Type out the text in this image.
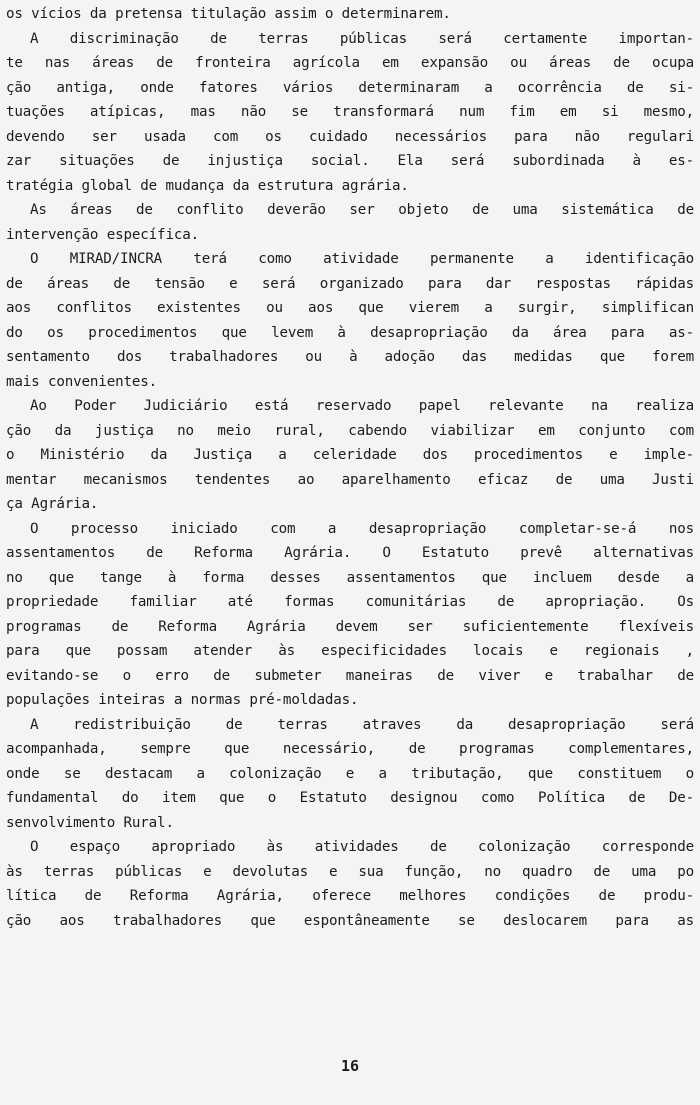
os vícios da pretensa titulação assim o determinarem.
A discriminação de terras públicas será certamente importan-
te nas áreas de fronteira agrícola em expansão ou áreas de ocupa
ção antiga, onde fatores vários determinaram a ocorrência de si-
tuações atípicas, mas não se transformará num fim em si mesmo,
devendo ser usada com os cuidado necessários para não regulari
zar situações de injustiça social. Ela será subordinada à es-
tratégia global de mudança da estrutura agrária.
As áreas de conflito deverão ser objeto de uma sistemática de
intervenção específica.
O MIRAD/INCRA terá como atividade permanente a identificação
de áreas de tensão e será organizado para dar respostas rápidas
aos conflitos existentes ou aos que vierem a surgir, simplifican
do os procedimentos que levem à desapropriação da área para as-
sentamento dos trabalhadores ou à adoção das medidas que forem
mais convenientes.
Ao Poder Judiciário está reservado papel relevante na realiza
ção da justiça no meio rural, cabendo viabilizar em conjunto com
o Ministério da Justiça a celeridade dos procedimentos e imple-
mentar mecanismos tendentes ao aparelhamento eficaz de uma Justi
ça Agrária.
O processo iniciado com a desapropriação completar-se-á nos
assentamentos de Reforma Agrária. O Estatuto prevê alternativas
no que tange à forma desses assentamentos que incluem desde a
propriedade familiar até formas comunitárias de apropriação. Os
programas de Reforma Agrária devem ser suficientemente flexíveis
para que possam atender às especificidades locais e regionais ,
evitando-se o erro de submeter maneiras de viver e trabalhar de
populações inteiras a normas pré-moldadas.
A redistribuição de terras atraves da desapropriação será
acompanhada, sempre que necessário, de programas complementares,
onde se destacam a colonização e a tributação, que constituem o
fundamental do item que o Estatuto designou como Política de De-
senvolvimento Rural.
O espaço apropriado às atividades de colonização corresponde
às terras públicas e devolutas e sua função, no quadro de uma po
lítica de Reforma Agrária, oferece melhores condições de produ-
ção aos trabalhadores que espontâneamente se deslocarem para as
16
